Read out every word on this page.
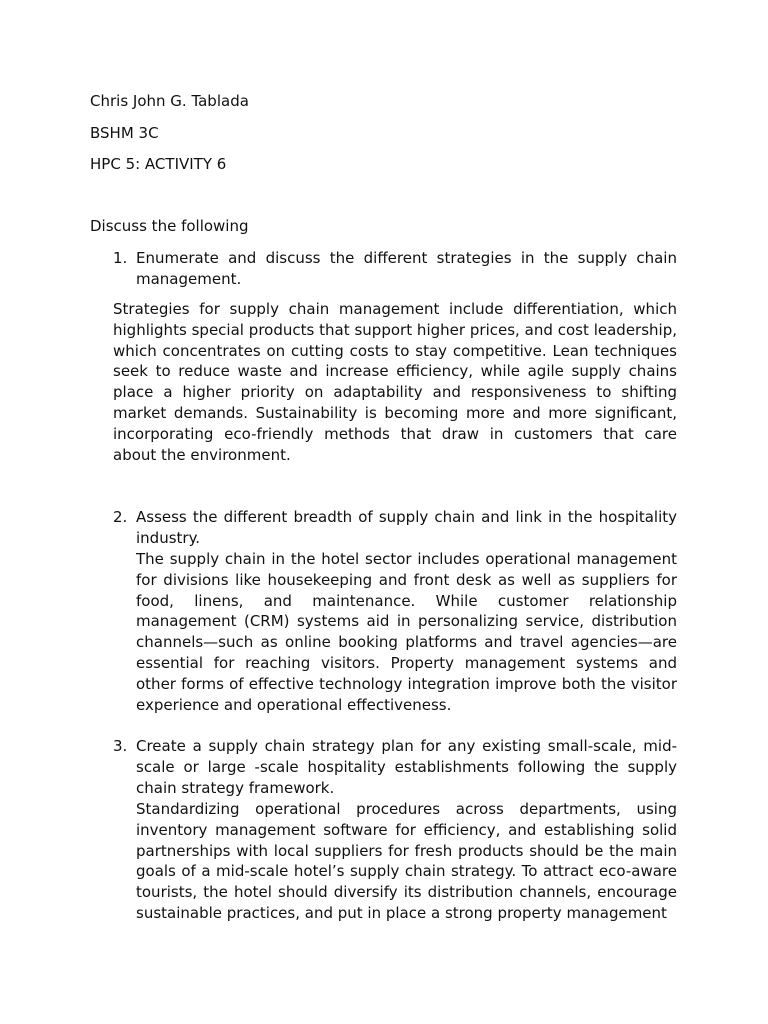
Chris John G. Tablada
BSHM 3C
HPC 5: ACTIVITY 6
Discuss the following
1. Enumerate and discuss the different strategies in the supply chain management.
Strategies for supply chain management include differentiation, which highlights special products that support higher prices, and cost leadership, which concentrates on cutting costs to stay competitive. Lean techniques seek to reduce waste and increase efficiency, while agile supply chains place a higher priority on adaptability and responsiveness to shifting market demands. Sustainability is becoming more and more significant, incorporating eco-friendly methods that draw in customers that care about the environment.
2. Assess the different breadth of supply chain and link in the hospitality industry.
The supply chain in the hotel sector includes operational management for divisions like housekeeping and front desk as well as suppliers for food, linens, and maintenance. While customer relationship management (CRM) systems aid in personalizing service, distribution channels—such as online booking platforms and travel agencies—are essential for reaching visitors. Property management systems and other forms of effective technology integration improve both the visitor experience and operational effectiveness.
3. Create a supply chain strategy plan for any existing small-scale, mid-scale or large -scale hospitality establishments following the supply chain strategy framework.
Standardizing operational procedures across departments, using inventory management software for efficiency, and establishing solid partnerships with local suppliers for fresh products should be the main goals of a mid-scale hotel’s supply chain strategy. To attract eco-aware tourists, the hotel should diversify its distribution channels, encourage sustainable practices, and put in place a strong property management
